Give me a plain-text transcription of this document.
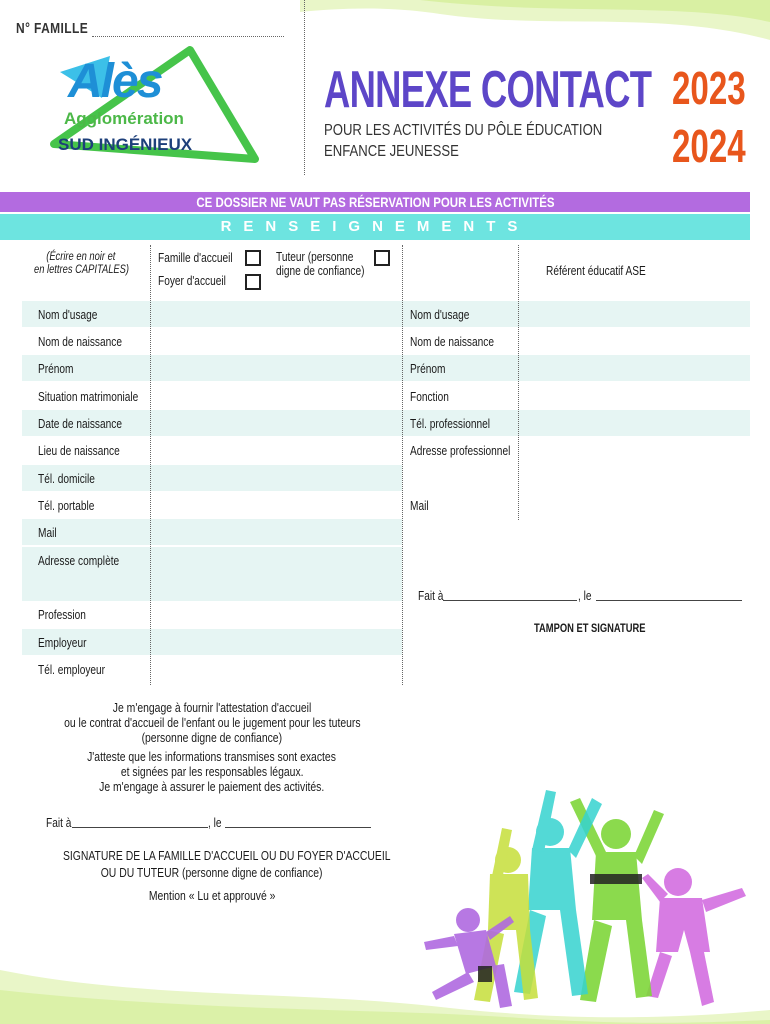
N° FAMILLE
Alès
Agglomération
SUD INGÉNIEUX
ANNEXE CONTACT
POUR LES ACTIVITÉS DU PÔLE ÉDUCATION
ENFANCE JEUNESSE
2023
2024
CE DOSSIER NE VAUT PAS RÉSERVATION POUR LES ACTIVITÉS
RENSEIGNEMENTS
(Écrire en noir et
en lettres CAPITALES)
Famille d'accueil
Foyer d'accueil
Tuteur (personne
digne de confiance)	Référent éducatif ASE
Nom d'usage
Nom de naissance
Prénom
Situation matrimoniale
Date de naissance
Lieu de naissance
Tél. domicile
Tél. portable
Mail
Adresse complète
Profession
Employeur
Tél. employeur
Nom d'usage
Nom de naissance
Prénom
Fonction
Tél. professionnel
Adresse professionnel
Mail
Fait à	, le
TAMPON ET SIGNATURE
Je m'engage à fournir l'attestation d'accueil
ou le contrat d'accueil de l'enfant ou le jugement pour les tuteurs
(personne digne de confiance)
J'atteste que les informations transmises sont exactes
et signées par les responsables légaux.
Je m'engage à assurer le paiement des activités.
Fait à	, le
SIGNATURE DE LA FAMILLE D'ACCUEIL OU DU FOYER D'ACCUEIL
OU DU TUTEUR (personne digne de confiance)
Mention « Lu et approuvé »
